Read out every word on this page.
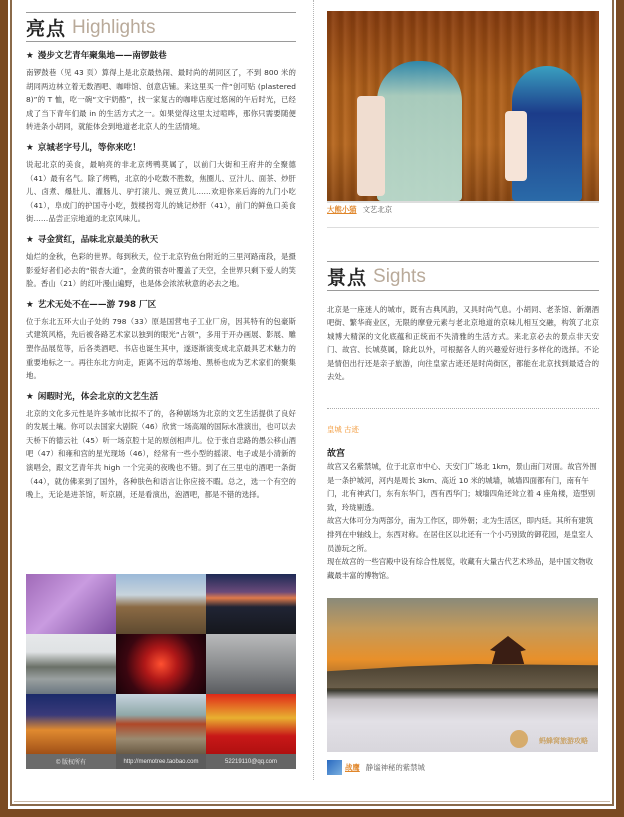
亮点 Highlights
★ 漫步文艺青年聚集地——南锣鼓巷
南锣鼓巷（见 43 页）算得上是北京最热闹、最时尚的胡同区了，不到 800 米的胡同两边林立着无数酒吧、咖啡馆、创意店铺。来这里买一件“创可贴 (plastered 8)”的 T 恤，吃一碗“文宇奶酪”，找一家复古的咖啡店度过悠闲的午后时光，已经成了当下青年们最 in 的生活方式之一。如果觉得这里太过喧哗，那你只需要随便转进条小胡同，就能体会到地道老北京人的生活情境。
★ 京城老字号儿，等你来吃！
说起北京的美食，最响亮的非北京烤鸭莫属了，以前门大街和王府井的全聚德（41）最有名气。除了烤鸭，北京的小吃数不胜数，焦圈儿、豆汁儿、面茶、炒肝儿、卤煮、爆肚儿、灌肠儿、驴打滚儿、豌豆黄儿……欢迎你来后海的九门小吃（41），阜成门的护国寺小吃，鼓楼拐弯儿的姚记炒肝（41），前门的鲜鱼口美食街……品尝正宗地道的北京风味儿。
★ 寻金赏红，品味北京最美的秋天
灿烂的金秋，色彩的世界。每到秋天，位于北京钓鱼台附近的三里河路南段，是摄影爱好者们必去的“银杏大道”，金黄的银杏叶覆盖了天空，全世界只剩下爱人的笑脸。香山（21）的红叶漫山遍野，也是体会浓浓秋意的必去之地。
★ 艺术无处不在——游 798 厂区
位于东北五环大山子处的 798（33）原是国营电子工业厂房，因其特有的包豪斯式建筑风格，先后被各路艺术家以独到的眼光“占领”，多用于开办画展、影展、雕塑作品展览等，后各类酒吧、书店也诞生其中，遂逐渐演变成北京最具艺术魅力的重要地标之一。再往东北方向走，距离不远的草场地、黑桥也成为艺术家们的聚集地。
★ 闲暇时光，体会北京的文艺生活
北京的文化多元性是许多城市比拟不了的，各种剧场为北京的文艺生活提供了良好的发展土壤。你可以去国家大剧院（46）欣赏一场高端的国际水准演出，也可以去天桥下的德云社（45）听一场京腔十足的原创相声儿。位于张自忠路的愚公移山酒吧（47）和雍和宫的星光现场（46），经常有一些小型的摇滚、电子或是小清新的演唱会，跟文艺青年共 high 一个完美的夜晚也不错。到了在三里屯的酒吧一条街（44），就仿佛来到了国外，各种肤色和语言让你应接不暇。总之，选一个有空的晚上，无论是进茶馆，听京剧，还是看演出，泡酒吧，都是不错的选择。
© 版权所有	http://memotree.taobao.com	52219110@qq.com
大熊小猫 文艺北京
景点 Sights
北京是一座迷人的城市，既有古典风韵，又具时尚气息。小胡同、老茶馆、新潮酒吧街、繁华商业区，无限的摩登元素与老北京地道的京味儿相互交融，构筑了北京城博大精深的文化底蕴和正统而不失清雅的生活方式。来北京必去的景点非天安门、故宫、长城莫属，除此以外，可根据各人的兴趣爱好进行多样化的选择。不论是情侣出行还是亲子旅游，向往皇家古迹还是时尚街区，都能在北京找到最适合的去处。
皇城 古迹
故宫

故宫又名紫禁城，位于北京市中心、天安门广场北 1km，景山南门对面。故宫外围是一条护城河，河内是周长 3km、高近 10 米的城墙，城墙四面都有门，南有午门，北有神武门，东有东华门，西有西华门；城墙四角还耸立着 4 座角楼，造型别致，玲珑剔透。

故宫大体可分为两部分，南为工作区，即外朝；北为生活区，即内廷。其所有建筑排列在中轴线上，东西对称。在居住区以北还有一个小巧别致的御花园，是皇室人员游玩之所。

现在故宫的一些宫殿中设有综合性展览，收藏有大量古代艺术珍品，是中国文物收藏最丰富的博物馆。

蚂蜂窝旅游攻略
战鹰 静谧神秘的紫禁城
